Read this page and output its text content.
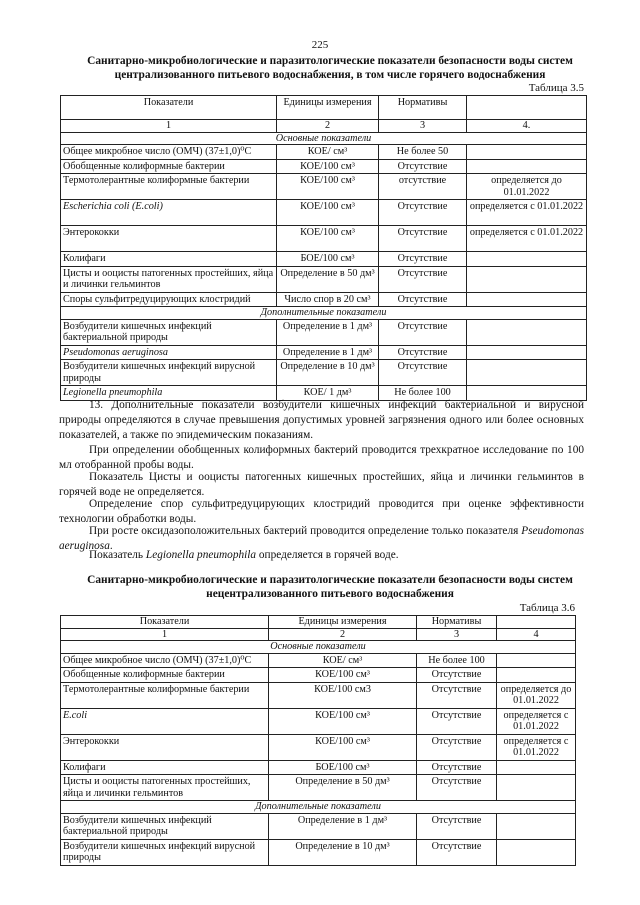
225
Санитарно-микробиологические и паразитологические показатели безопасности воды систем централизованного питьевого водоснабжения, в том числе горячего водоснабжения
Таблица 3.5
Показатели	Единицы измерения	Нормативы	
1	2	3	4.
Основные показатели			
Общее микробное число (ОМЧ) (37±1,0)⁰С	КОЕ/ см³	Не более 50	
Обобщенные колиформные бактерии	КОЕ/100 см³	Отсутствие	
Термотолерантные колиформные бактерии	КОЕ/100 см³	отсутствие	определяется до 01.01.2022
Escherichia coli (E.coli)	КОЕ/100 см³	Отсутствие	определяется с 01.01.2022
Энтерококки	КОЕ/100 см³	Отсутствие	определяется с 01.01.2022
Колифаги	БОЕ/100 см³	Отсутствие	
Цисты и ооцисты патогенных простейших, яйца и личинки гельминтов	Определение в 50 дм³	Отсутствие	
Споры сульфитредуцирующих клостридий	Число спор в 20 см³	Отсутствие	
Дополнительные показатели			
Возбудители кишечных инфекций бактериальной природы	Определение в 1 дм³	Отсутствие	
Pseudomonas aeruginosa	Определение в 1 дм³	Отсутствие	
Возбудители кишечных инфекций вирусной природы	Определение в 10 дм³	Отсутствие	
Legionella pneumophila	КОЕ/ 1 дм³	Не более 100	

13. Дополнительные показатели возбудители кишечных инфекций бактериальной и вирусной природы определяются в случае превышения допустимых уровней загрязнения одного или более основных показателей, а также по эпидемическим показаниям.

При определении обобщенных колиформных бактерий проводится трехкратное исследование по 100 мл отобранной пробы воды.

Показатель Цисты и ооцисты патогенных кишечных простейших, яйца и личинки гельминтов в горячей воде не определяется.

Определение спор сульфитредуцирующих клостридий проводится при оценке эффективности технологии обработки воды.

При росте оксидазоположительных бактерий проводится определение только показателя Pseudomonas aeruginosa.

Показатель Legionella pneumophila определяется в горячей воде.

Санитарно-микробиологические и паразитологические показатели безопасности воды систем нецентрализованного питьевого водоснабжения
Таблица 3.6
Показатели	Единицы измерения	Нормативы	
1	2	3	4
Основные показатели			
Общее микробное число (ОМЧ) (37±1,0)⁰С	КОЕ/ см³	Не более 100	
Обобщенные колиформные бактерии	КОЕ/100 см³	Отсутствие	
Термотолерантные колиформные бактерии	КОЕ/100 см3	Отсутствие	определяется до 01.01.2022
E.coli	КОЕ/100 см³	Отсутствие	определяется с 01.01.2022
Энтерококки	КОЕ/100 см³	Отсутствие	определяется с 01.01.2022
Колифаги	БОЕ/100 см³	Отсутствие	
Цисты и ооцисты патогенных простейших, яйца и личинки гельминтов	Определение в 50 дм³	Отсутствие	
Дополнительные показатели			
Возбудители кишечных инфекций бактериальной природы	Определение в 1 дм³	Отсутствие	
Возбудители кишечных инфекций вирусной природы	Определение в 10 дм³	Отсутствие	
